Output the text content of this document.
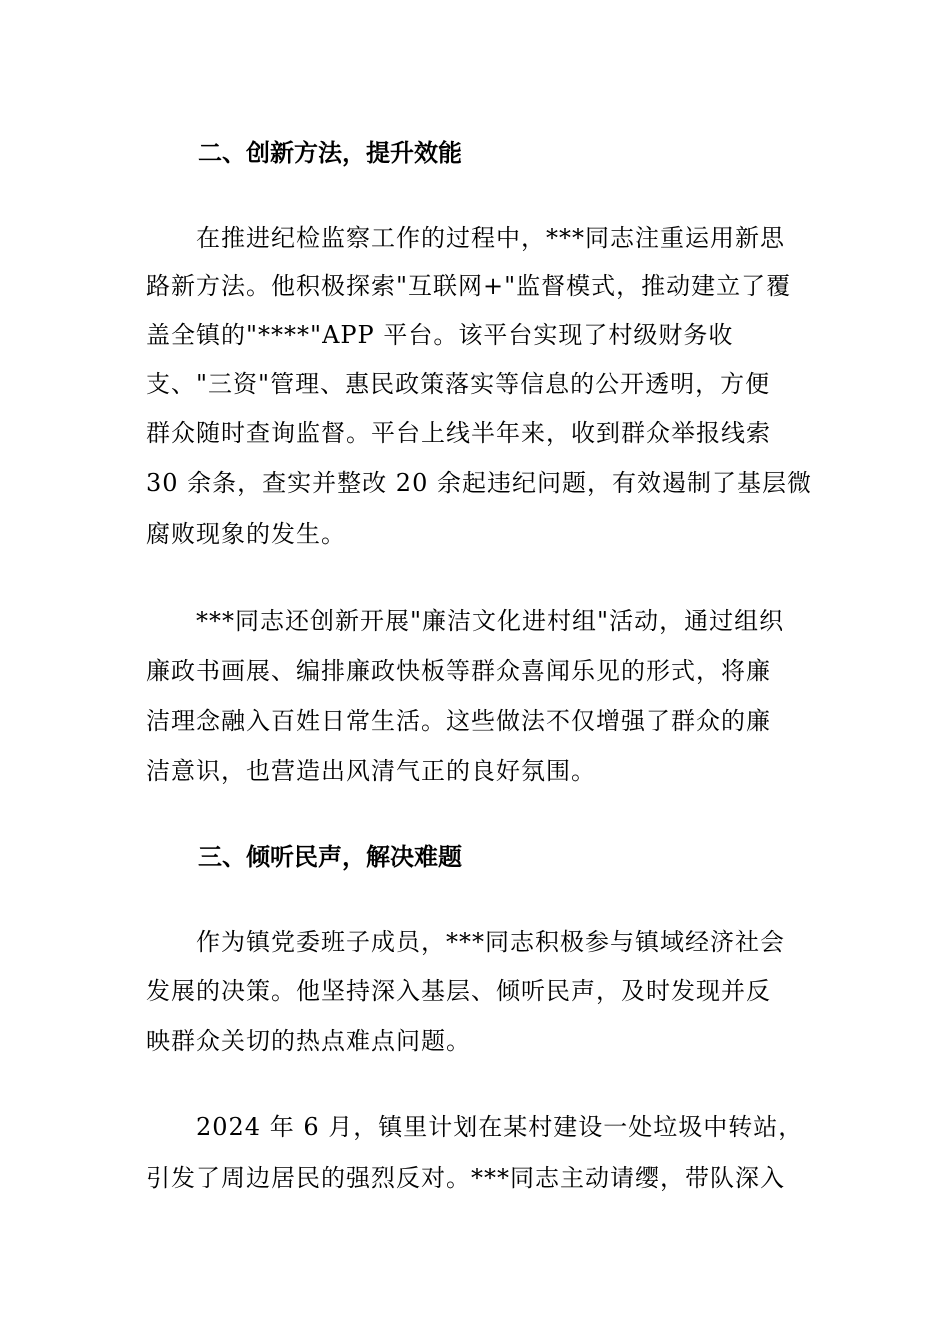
二、创新方法，提升效能
在推进纪检监察工作的过程中，***同志注重运用新思
路新方法。他积极探索"互联网+"监督模式，推动建立了覆
盖全镇的"****"APP 平台。该平台实现了村级财务收
支、"三资"管理、惠民政策落实等信息的公开透明，方便
群众随时查询监督。平台上线半年来，收到群众举报线索
30 余条，查实并整改 20 余起违纪问题，有效遏制了基层微
腐败现象的发生。
***同志还创新开展"廉洁文化进村组"活动，通过组织
廉政书画展、编排廉政快板等群众喜闻乐见的形式，将廉
洁理念融入百姓日常生活。这些做法不仅增强了群众的廉
洁意识，也营造出风清气正的良好氛围。
三、倾听民声，解决难题
作为镇党委班子成员，***同志积极参与镇域经济社会
发展的决策。他坚持深入基层、倾听民声，及时发现并反
映群众关切的热点难点问题。
2024 年 6 月，镇里计划在某村建设一处垃圾中转站，
引发了周边居民的强烈反对。***同志主动请缨，带队深入
